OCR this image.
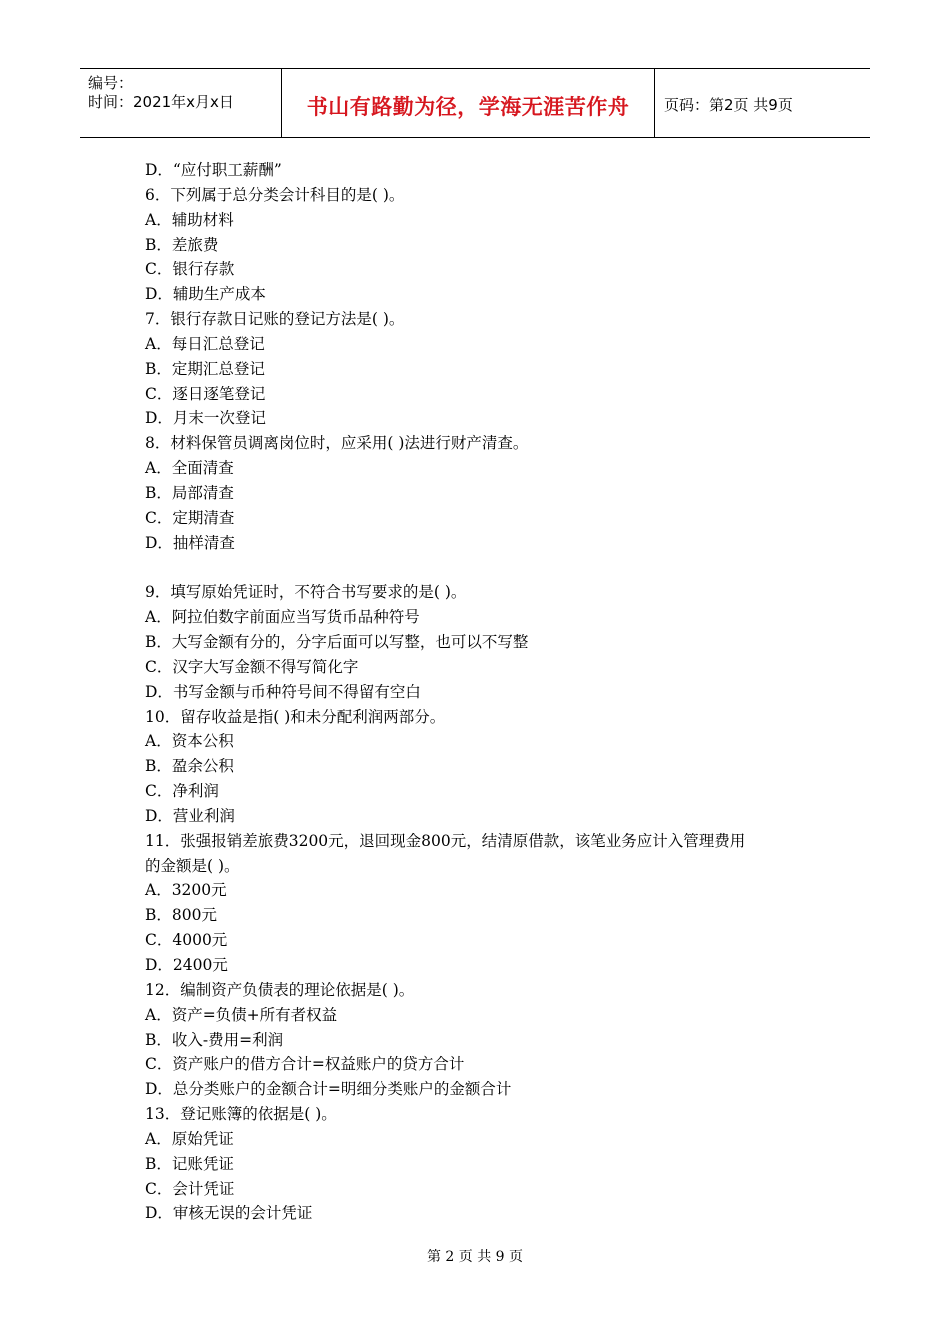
编号：
时间：2021年x月x日	书山有路勤为径，学海无涯苦作舟	页码：第2页 共9页
D．“应付职工薪酬”
6．下列属于总分类会计科目的是( )。
A．辅助材料
B．差旅费
C．银行存款
D．辅助生产成本
7．银行存款日记账的登记方法是( )。
A．每日汇总登记
B．定期汇总登记
C．逐日逐笔登记
D．月末一次登记
8．材料保管员调离岗位时，应采用( )法进行财产清查。
A．全面清查
B．局部清查
C．定期清查
D．抽样清查
9．填写原始凭证时，不符合书写要求的是( )。
A．阿拉伯数字前面应当写货币品种符号
B．大写金额有分的，分字后面可以写整，也可以不写整
C．汉字大写金额不得写简化字
D．书写金额与币种符号间不得留有空白
10．留存收益是指( )和未分配利润两部分。
A．资本公积
B．盈余公积
C．净利润
D．营业利润
11．张强报销差旅费3200元，退回现金800元，结清原借款，该笔业务应计入管理费用
的金额是( )。
A．3200元
B．800元
C．4000元
D．2400元
12．编制资产负债表的理论依据是( )。
A．资产=负债+所有者权益
B．收入-费用=利润
C．资产账户的借方合计=权益账户的贷方合计
D．总分类账户的金额合计=明细分类账户的金额合计
13．登记账簿的依据是( )。
A．原始凭证
B．记账凭证
C．会计凭证
D．审核无误的会计凭证
第 2 页 共 9 页
